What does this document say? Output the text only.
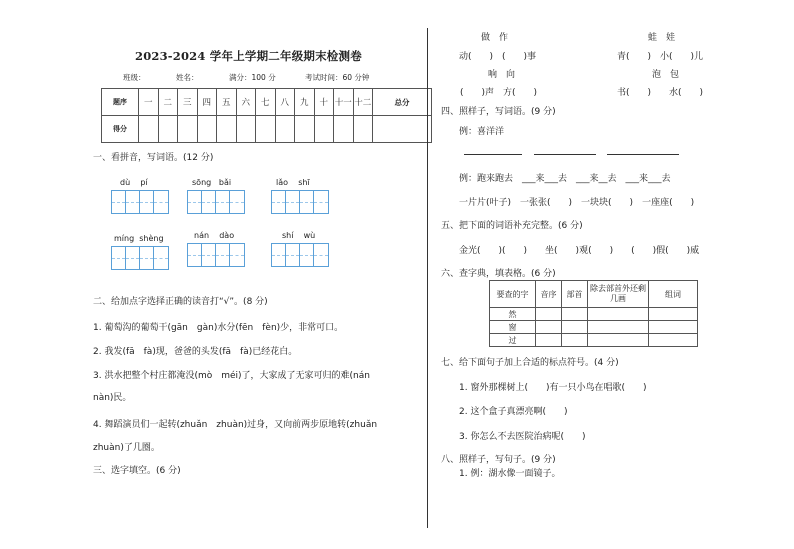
2023-2024 学年上学期二年级期末检测卷
班级：	姓名：	满分：100 分	考试时间：60 分钟
题序	一	二	三	四	五	六	七	八	九	十	十一	十二	总分
得分													
一、看拼音，写词语。(12 分)
dù pí	sōng bǎi	lǎo shī
míng shèng	nán dào	shí wù
二、给加点字选择正确的读音打“√”。(8 分)
1. 葡萄沟的葡萄干(gān　gàn)水分(fēn　fèn)少，非常可口。
2. 我发(fā　fà)现，爸爸的头发(fā　fà)已经花白。
3. 洪水把整个村庄都淹没(mò　méi)了，大家成了无家可归的难(nán
nàn)民。
4. 舞蹈演员们一起转(zhuǎn　zhuàn)过身，又向前两步原地转(zhuǎn
zhuàn)了几圈。
三、选字填空。(6 分)
做　作	蛙　娃
动(　　)　(　　)事	青(　　)　小(　　)儿
响　向	泡　包
(　　)声　方(　　)	书(　　)　　水(　　)
四、照样子，写词语。(9 分)
例：喜洋洋
例：跑来跑去　___来___去　___来__去　___来___去
一片片(叶子)　一张张(　　)　一块块(　　)　一座座(　　)
五、把下面的词语补充完整。(6 分)
金光(　　)(　　)　　坐(　　)观(　　)　　(　　)假(　　)威
六、查字典，填表格。(6 分)
要查的字	音序	部首	除去部首外还剩几画	组词
然				
窗				
过				
七、给下面句子加上合适的标点符号。(4 分)
1. 窗外那棵树上(　　)有一只小鸟在唱歌(　　)
2. 这个盒子真漂亮啊(　　)
3. 你怎么不去医院治病呢(　　)
八、照样子，写句子。(9 分)
1. 例：湖水像一面镜子。
